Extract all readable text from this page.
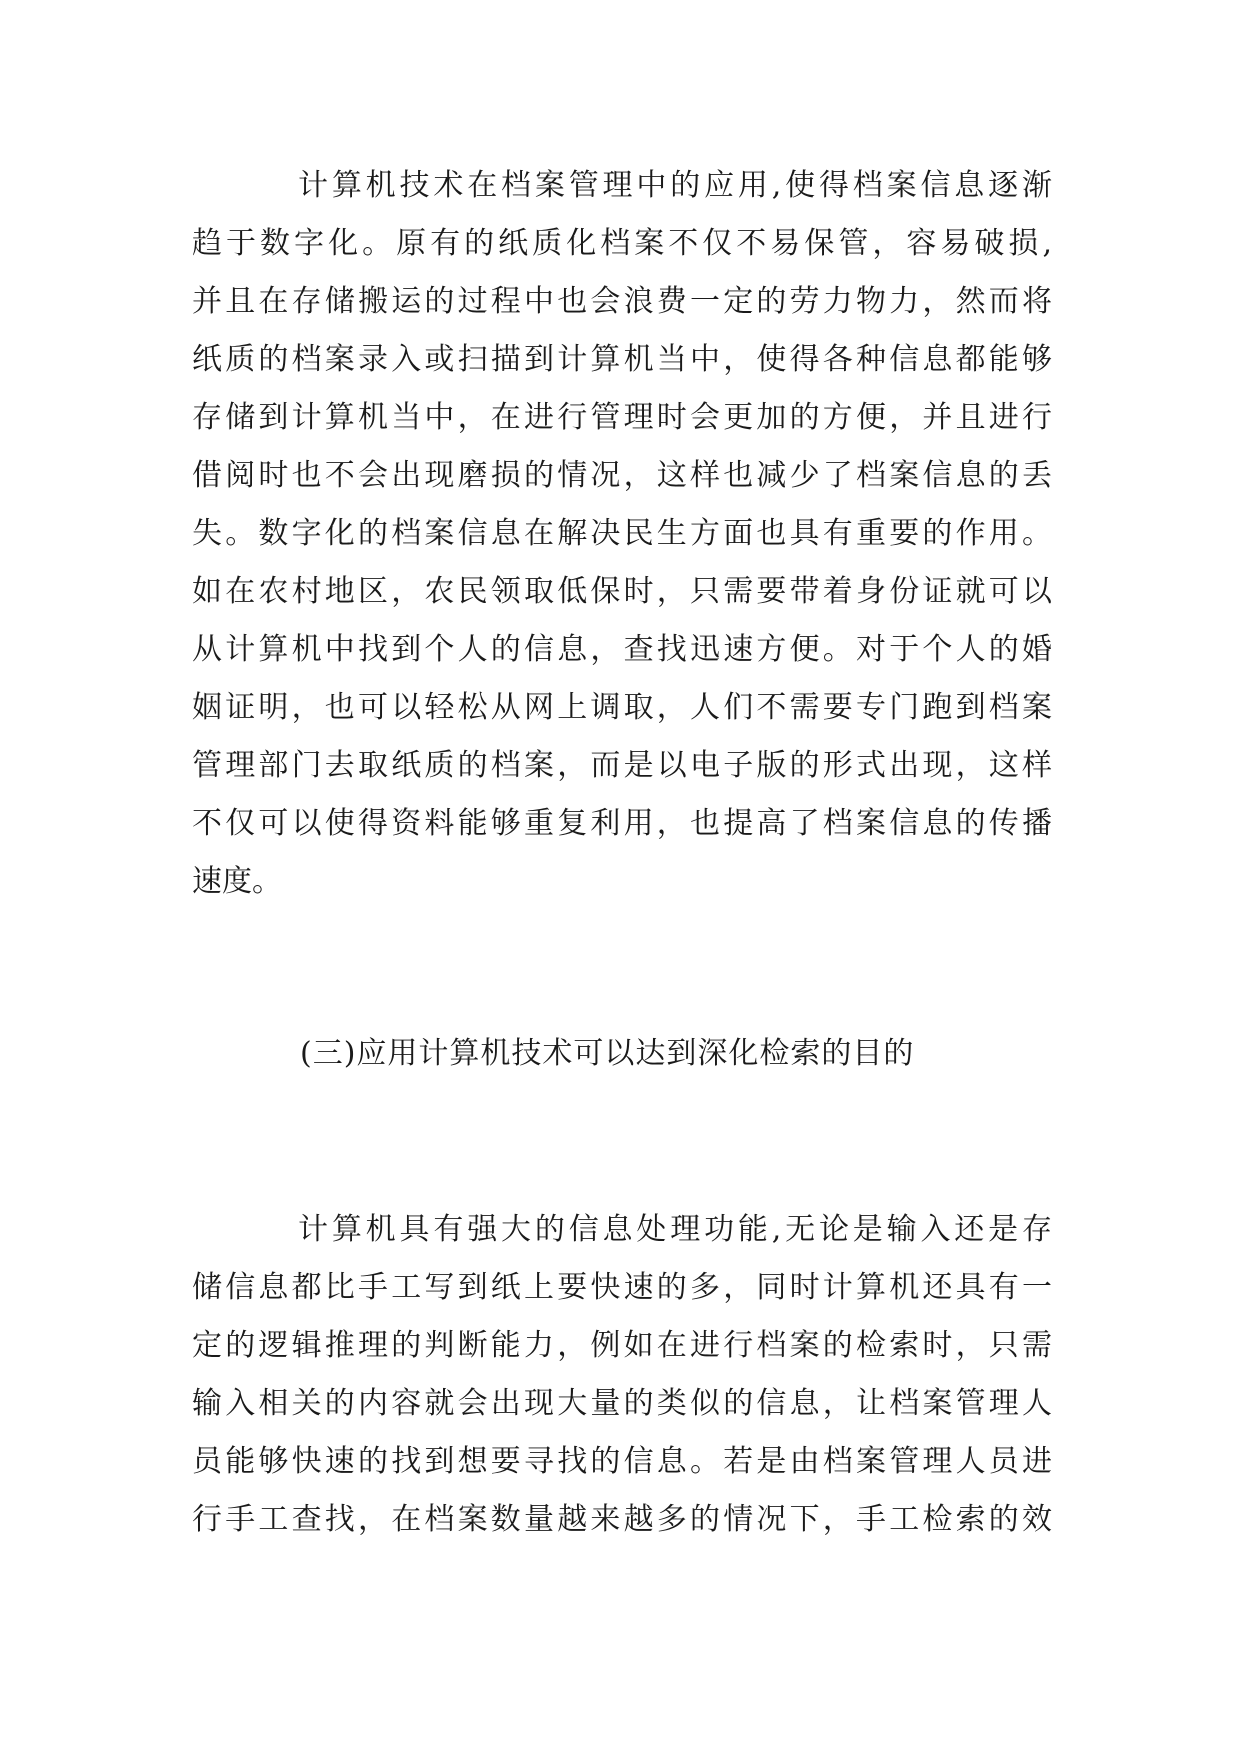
计算机技术在档案管理中的应用,使得档案信息逐渐
趋于数字化。原有的纸质化档案不仅不易保管，容易破损,
并且在存储搬运的过程中也会浪费一定的劳力物力，然而将
纸质的档案录入或扫描到计算机当中，使得各种信息都能够
存储到计算机当中，在进行管理时会更加的方便，并且进行
借阅时也不会出现磨损的情况，这样也减少了档案信息的丢
失。数字化的档案信息在解决民生方面也具有重要的作用。
如在农村地区，农民领取低保时，只需要带着身份证就可以
从计算机中找到个人的信息，查找迅速方便。对于个人的婚
姻证明，也可以轻松从网上调取，人们不需要专门跑到档案
管理部门去取纸质的档案，而是以电子版的形式出现，这样
不仅可以使得资料能够重复利用，也提高了档案信息的传播
速度。
(三)应用计算机技术可以达到深化检索的目的
计算机具有强大的信息处理功能,无论是输入还是存
储信息都比手工写到纸上要快速的多，同时计算机还具有一
定的逻辑推理的判断能力，例如在进行档案的检索时，只需
输入相关的内容就会出现大量的类似的信息，让档案管理人
员能够快速的找到想要寻找的信息。若是由档案管理人员进
行手工查找，在档案数量越来越多的情况下，手工检索的效
